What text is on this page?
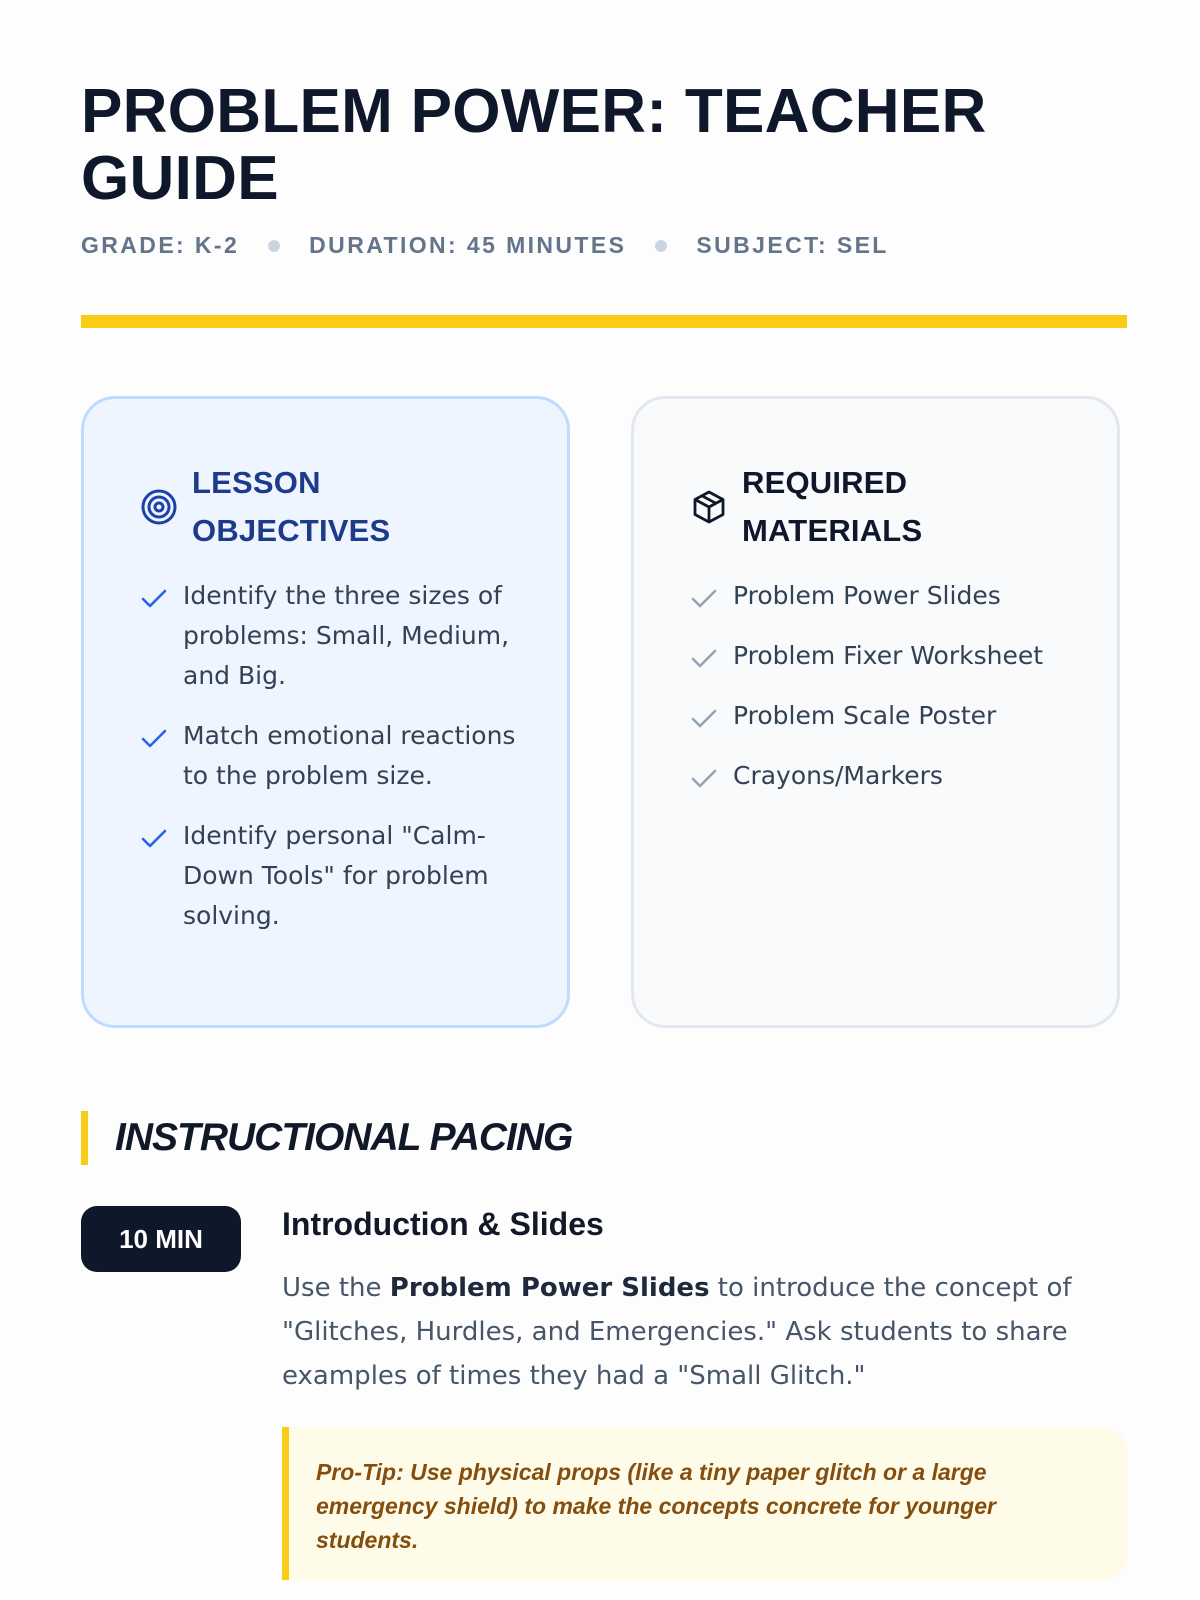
PROBLEM POWER: TEACHER GUIDE
GRADE: K-2	DURATION: 45 MINUTES	SUBJECT: SEL
LESSON OBJECTIVES
Identify the three sizes of problems: Small, Medium, and Big.
Match emotional reactions to the problem size.
Identify personal "Calm-Down Tools" for problem solving.
REQUIRED MATERIALS
Problem Power Slides
Problem Fixer Worksheet
Problem Scale Poster
Crayons/Markers
INSTRUCTIONAL PACING
10 MIN	Introduction & Slides

Use the Problem Power Slides to introduce the concept of "Glitches, Hurdles, and Emergencies." Ask students to share examples of times they had a "Small Glitch."

Pro-Tip: Use physical props (like a tiny paper glitch or a large emergency shield) to make the concepts concrete for younger students.
